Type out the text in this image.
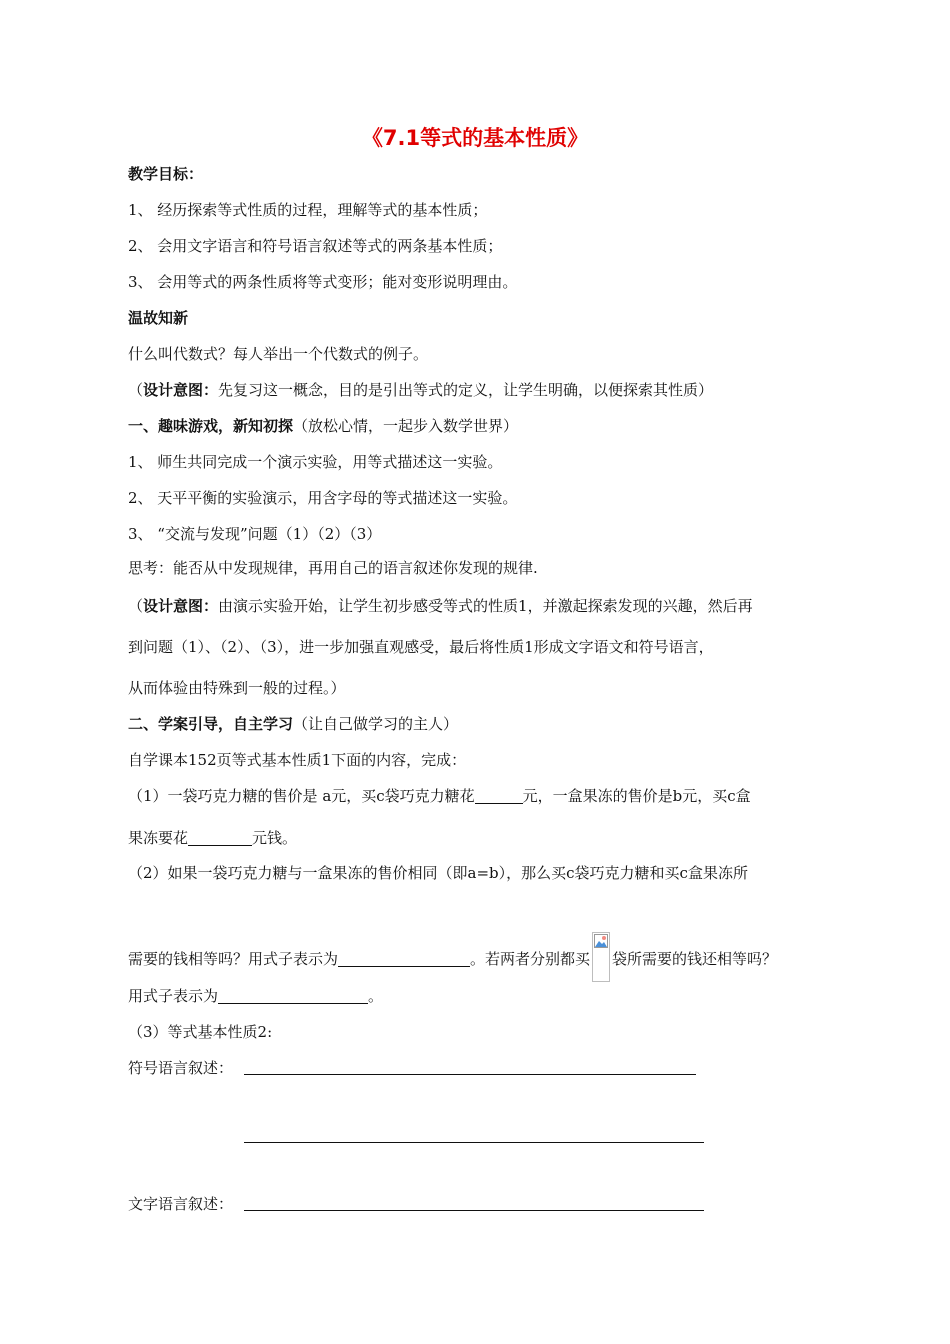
《7.1等式的基本性质》

教学目标：

1、 经历探索等式性质的过程，理解等式的基本性质；

2、 会用文字语言和符号语言叙述等式的两条基本性质；

3、 会用等式的两条性质将等式变形；能对变形说明理由。

温故知新

什么叫代数式？每人举出一个代数式的例子。

（设计意图：先复习这一概念，目的是引出等式的定义，让学生明确，以便探索其性质）

一、趣味游戏，新知初探（放松心情，一起步入数学世界）

1、 师生共同完成一个演示实验，用等式描述这一实验。

2、 天平平衡的实验演示，用含字母的等式描述这一实验。

3、 “交流与发现”问题（1）（2）（3）

思考：能否从中发现规律，再用自己的语言叙述你发现的规律.

（设计意图：由演示实验开始，让学生初步感受等式的性质1，并激起探索发现的兴趣，然后再

到问题（1）、（2）、（3），进一步加强直观感受，最后将性质1形成文字语文和符号语言，

从而体验由特殊到一般的过程。）

二、学案引导，自主学习（让自己做学习的主人）

自学课本152页等式基本性质1下面的内容，完成：

（1）一袋巧克力糖的售价是 a元，买c袋巧克力糖花	元，一盒果冻的售价是b元，买c盒

果冻要花	元钱。

（2）如果一袋巧克力糖与一盒果冻的售价相同（即a=b），那么买c袋巧克力糖和买c盒果冻所

需要的钱相等吗？用式子表示为	。若两者分别都买 袋所需要的钱还相等吗？

用式子表示为	。

（3）等式基本性质2:

符号语言叙述：

文字语言叙述：
